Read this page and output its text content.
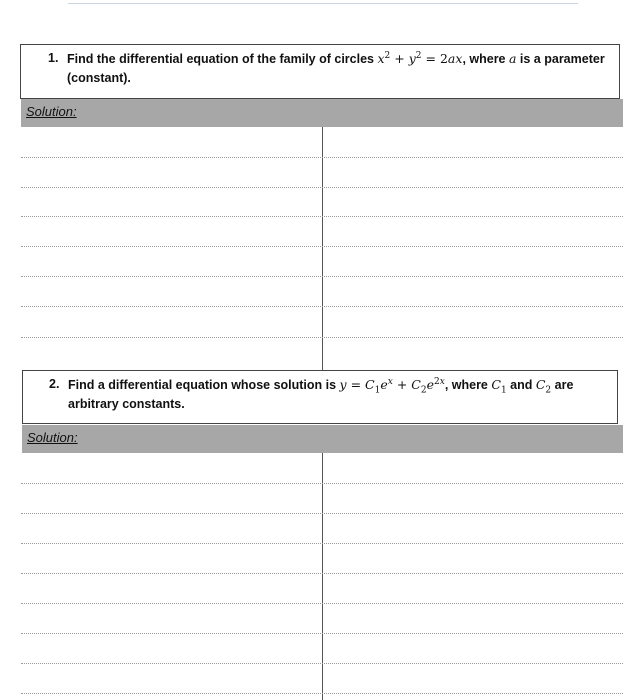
1. Find the differential equation of the family of circles $x^2 + y^2 = 2ax$, where a is a parameter (constant).
Solution:
2. Find a differential equation whose solution is $y = C_1e^x + C_2e^{2x}$, where $C_1$ and $C_2$ are arbitrary constants.
Solution:
